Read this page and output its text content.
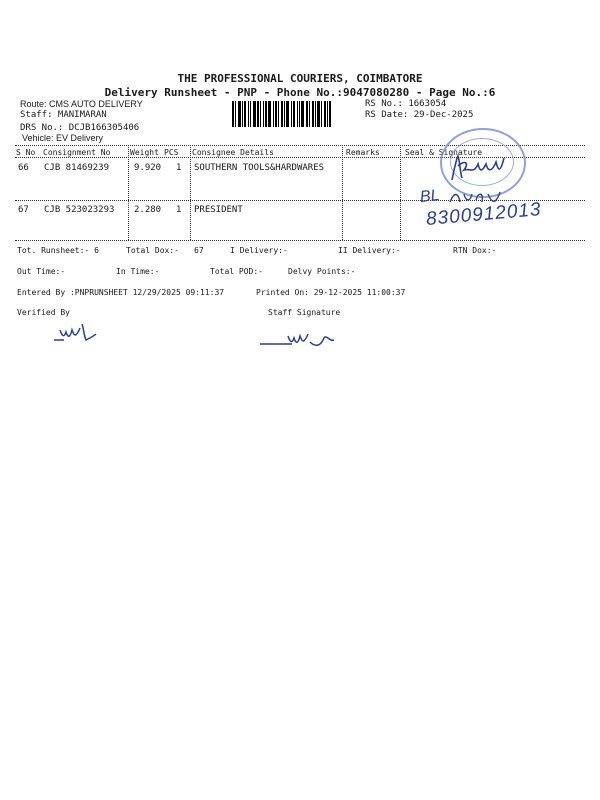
THE PROFESSIONAL COURIERS, COIMBATORE
Delivery Runsheet - PNP - Phone No.:9047080280 - Page No.:6
Route: CMS AUTO DELIVERY
Staff: MANIMARAN
DRS No.: DCJB166305406
Vehicle: EV Delivery
RS No.: 1663054
RS Date: 29-Dec-2025
S No Consignment No Weight PCS Consignee Details	Remarks	Seal & Signature
66 CJB 81469239	9.920 1 SOUTHERN TOOLS&HARDWARES
67 CJB 523023293 2.280 1 PRESIDENT
BL
8300912013
Tot. Runsheet:- 6	Total Dox:- 67	I Delivery:-	II Delivery:-	RTN Dox:-
Out Time:-	In Time:-	Total POD:-	Delvy Points:-
Entered By :PNPRUNSHEET 12/29/2025 09:11:37	Printed On: 29-12-2025 11:00:37
Verified By	Staff Signature
